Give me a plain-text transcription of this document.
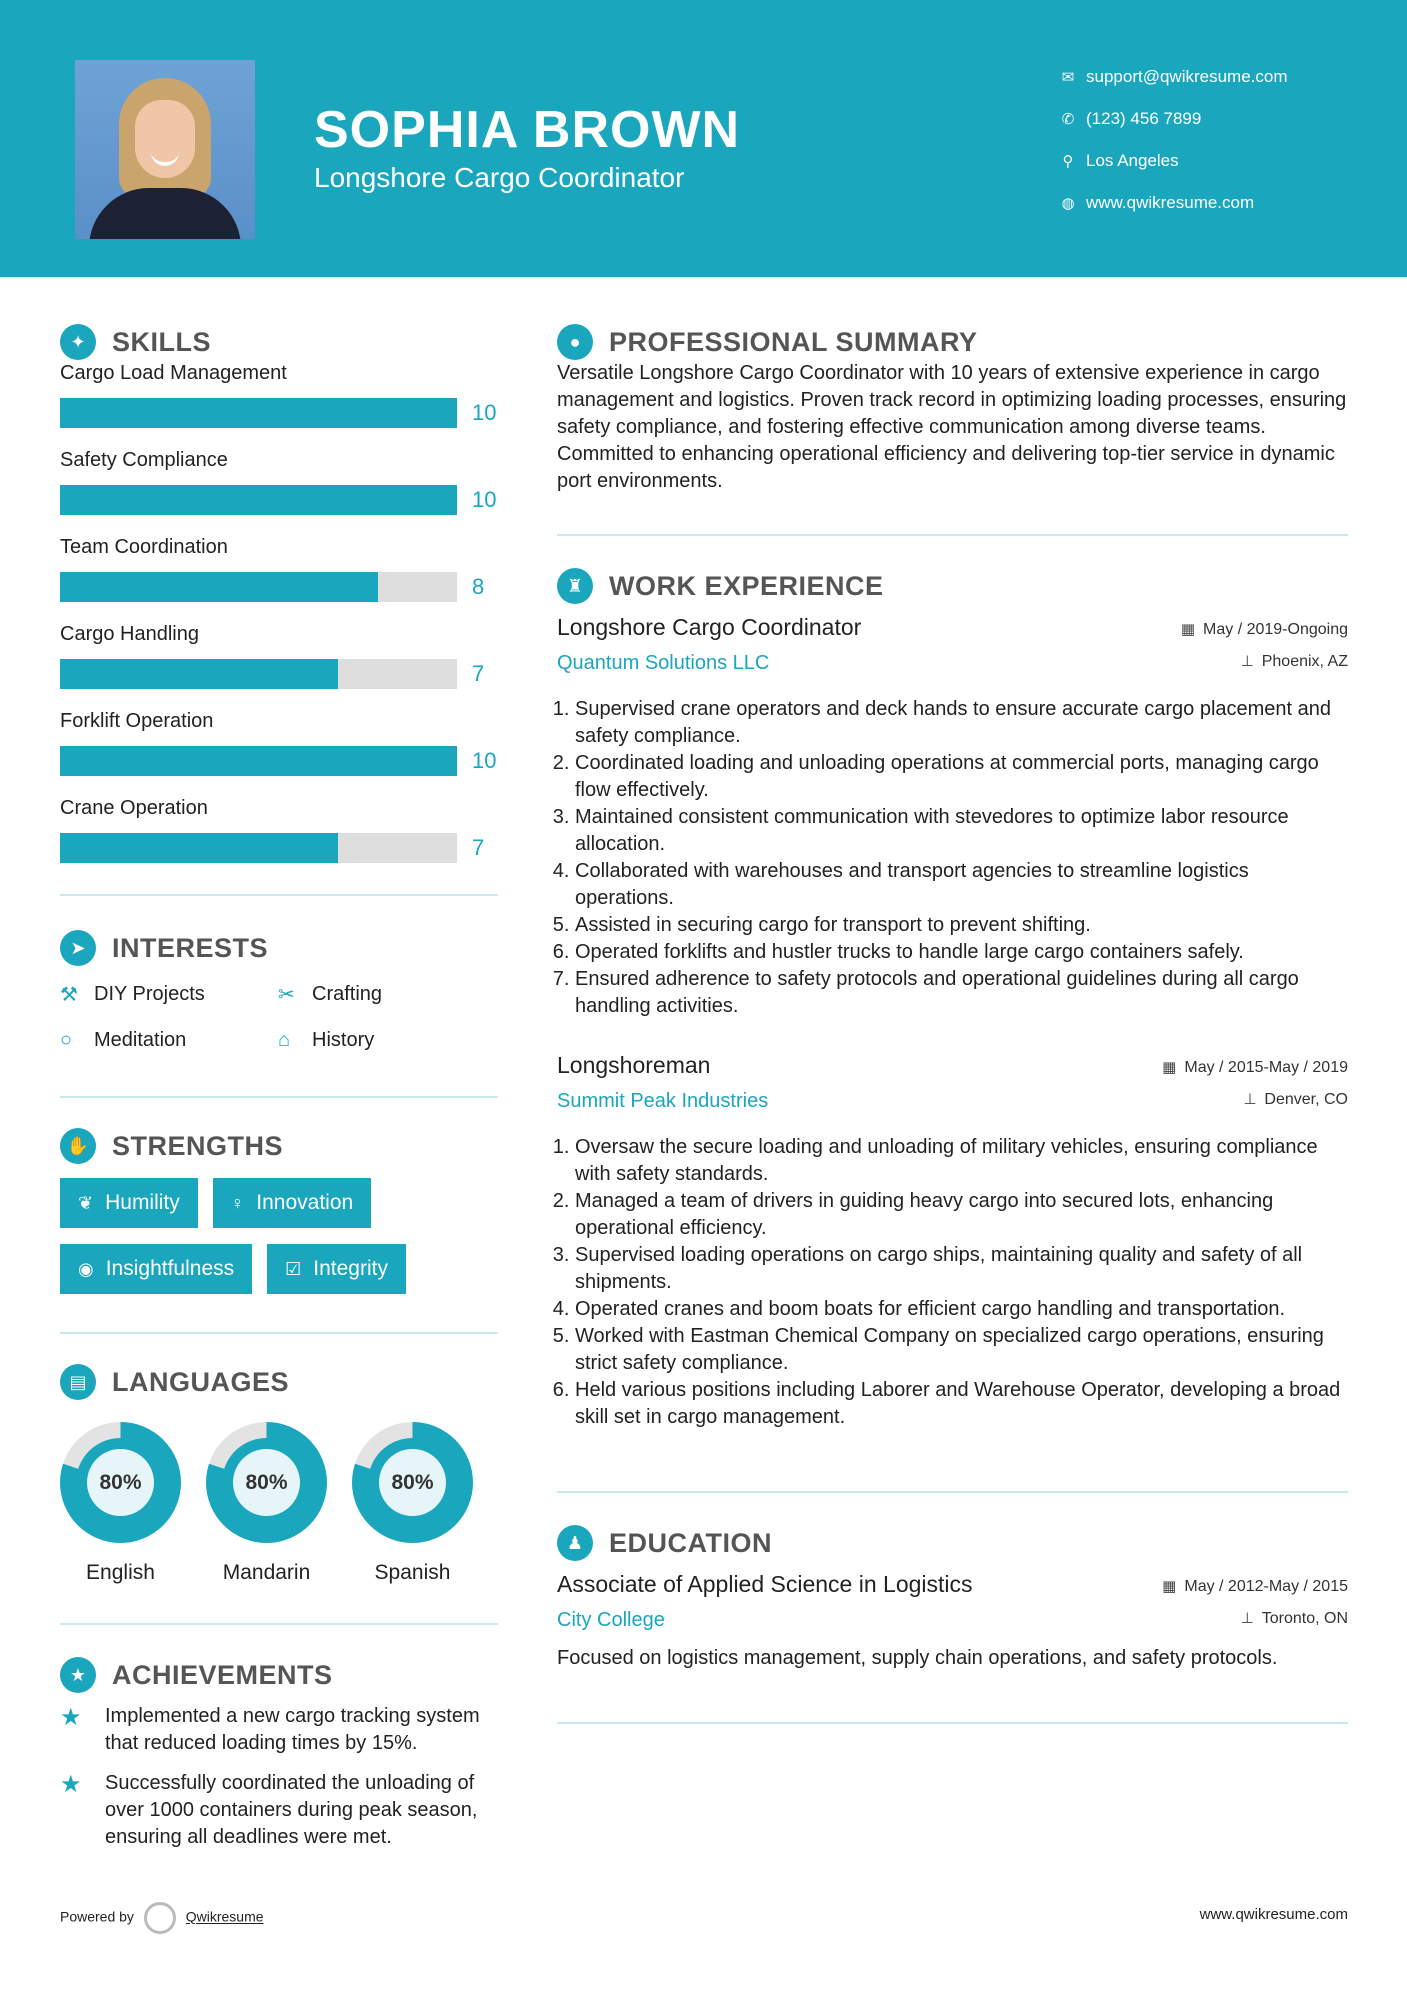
SOPHIA BROWN
Longshore Cargo Coordinator
✉ support@qwikresume.com
✆ (123) 456 7899
⚲ Los Angeles
◍ www.qwikresume.com
✦ SKILLS
Cargo Load Management
10
Safety Compliance
10
Team Coordination
8
Cargo Handling
7
Forklift Operation
10
Crane Operation
7
➤ INTERESTS
⚒ DIY Projects	✂ Crafting
○	Meditation	⌂	History
✋ STRENGTHS
❦ Humility	♀ Innovation
◉ Insightfulness	☑ Integrity
▤ LANGUAGES
80%
English
80%
Mandarin
80%
Spanish
★ ACHIEVEMENTS
★	Implemented a new cargo tracking system that reduced loading times by 15%.
★	Successfully coordinated the unloading of over 1000 containers during peak season, ensuring all deadlines were met.
●	PROFESSIONAL SUMMARY
Versatile Longshore Cargo Coordinator with 10 years of extensive experience in cargo management and logistics. Proven track record in optimizing loading processes, ensuring safety compliance, and fostering effective communication among diverse teams. Committed to enhancing operational efficiency and delivering top-tier service in dynamic port environments.
♜ WORK EXPERIENCE
Longshore Cargo Coordinator
Quantum Solutions LLC
▦ May / 2019-Ongoing
⊥ Phoenix, AZ
1. Supervised crane operators and deck hands to ensure accurate cargo placement and safety compliance.
2. Coordinated loading and unloading operations at commercial ports, managing cargo flow effectively.
3. Maintained consistent communication with stevedores to optimize labor resource allocation.
4. Collaborated with warehouses and transport agencies to streamline logistics operations.
5. Assisted in securing cargo for transport to prevent shifting.
6. Operated forklifts and hustler trucks to handle large cargo containers safely.
7. Ensured adherence to safety protocols and operational guidelines during all cargo handling activities.
Longshoreman
Summit Peak Industries
▦ May / 2015-May / 2019
⊥ Denver, CO
1. Oversaw the secure loading and unloading of military vehicles, ensuring compliance with safety standards.
2. Managed a team of drivers in guiding heavy cargo into secured lots, enhancing operational efficiency.
3. Supervised loading operations on cargo ships, maintaining quality and safety of all shipments.
4. Operated cranes and boom boats for efficient cargo handling and transportation.
5. Worked with Eastman Chemical Company on specialized cargo operations, ensuring strict safety compliance.
6. Held various positions including Laborer and Warehouse Operator, developing a broad skill set in cargo management.
♟ EDUCATION
Associate of Applied Science in Logistics
City College
▦ May / 2012-May / 2015
⊥ Toronto, ON
Focused on logistics management, supply chain operations, and safety protocols.
Powered by	Qwikresume	www.qwikresume.com
